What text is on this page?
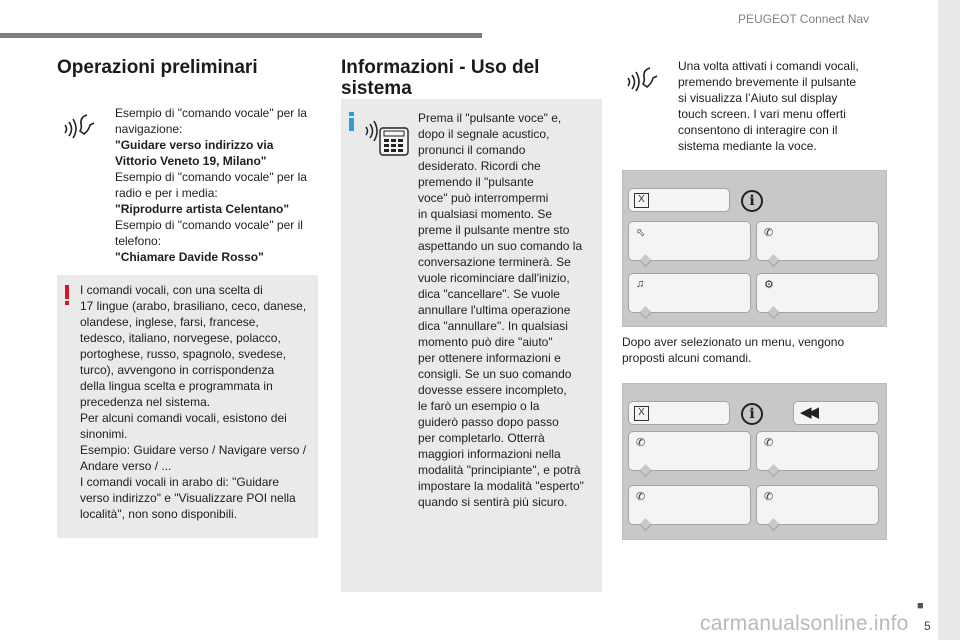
PEUGEOT Connect Nav
■
5
Operazioni preliminari

Esempio di "comando vocale" per la
navigazione:

"Guidare verso indirizzo via
Vittorio Veneto 19, Milano"

Esempio di "comando vocale" per la
radio e per i media:

"Riprodurre artista Celentano"

Esempio di "comando vocale" per il
telefono:

"Chiamare Davide Rosso"

I comandi vocali, con una scelta di
17 lingue (arabo, brasiliano, ceco, danese,
olandese, inglese, farsi, francese,
tedesco, italiano, norvegese, polacco,
portoghese, russo, spagnolo, svedese,
turco), avvengono in corrispondenza
della lingua scelta e programmata in
precedenza nel sistema.
Per alcuni comandi vocali, esistono dei
sinonimi.
Esempio: Guidare verso / Navigare verso /
Andare verso / ...
I comandi vocali in arabo di: "Guidare
verso indirizzo" e "Visualizzare POI nella
località", non sono disponibili.
Informazioni - Uso del
sistema
Prema il "pulsante voce" e,
dopo il segnale acustico,
pronunci il comando
desiderato. Ricordi che
premendo il "pulsante
voce" può interrompermi
in qualsiasi momento. Se
preme il pulsante mentre sto
aspettando un suo comando la
conversazione terminerà. Se
vuole ricominciare dall'inizio,
dica "cancellare". Se vuole
annullare l'ultima operazione
dica "annullare". In qualsiasi
momento può dire "aiuto"
per ottenere informazioni e
consigli. Se un suo comando
dovesse essere incompleto,
le farò un esempio o la
guiderò passo dopo passo
per completarlo. Otterrà
maggiori informazioni nella
modalità "principiante", e potrà
impostare la modalità "esperto"
quando si sentirà più sicuro.
Una volta attivati i comandi vocali,
premendo brevemente il pulsante
si visualizza l’Aiuto sul display
touch screen. I vari menu offerti
consentono di interagire con il
sistema mediante la voce.
X	i
⬁	✆
♫	⚙
Dopo aver selezionato un menu, vengono
proposti alcuni comandi.
X	i	◀◀
✆	✆
✆	✆
carmanualsonline.info
